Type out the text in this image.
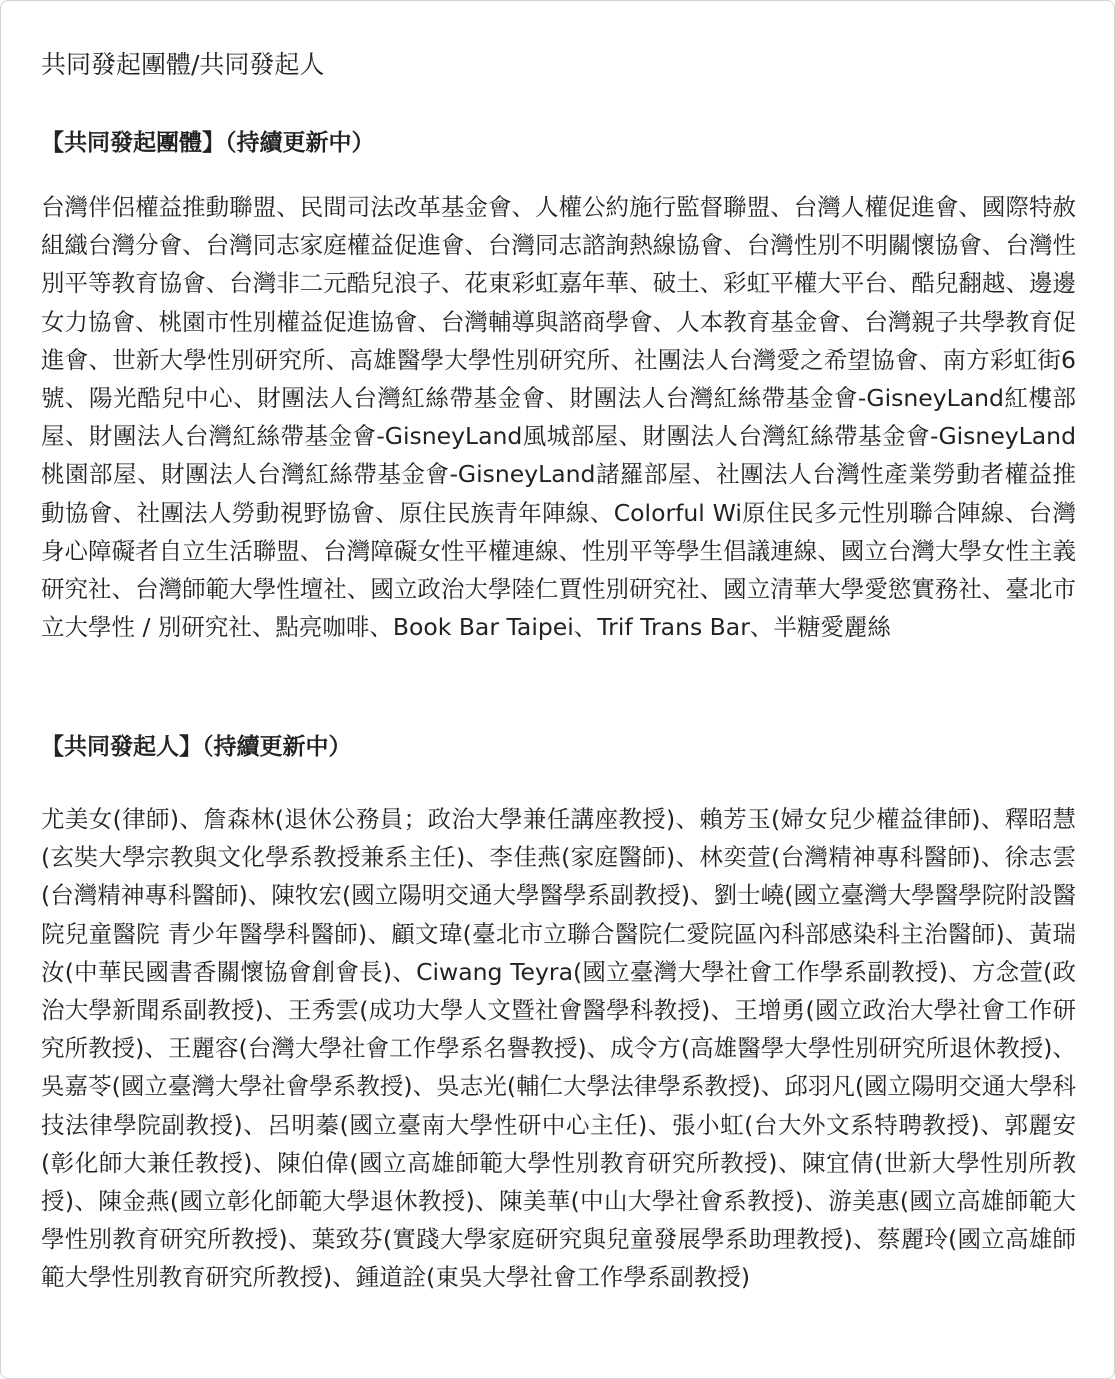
共同發起團體/共同發起人
【共同發起團體】（持續更新中）

台灣伴侶權益推動聯盟、民間司法改革基金會、人權公約施行監督聯盟、台灣人權促進會、國際特赦組織台灣分會、台灣同志家庭權益促進會、台灣同志諮詢熱線協會、台灣性別不明關懷協會、台灣性別平等教育協會、台灣非二元酷兒浪子、花東彩虹嘉年華、破土、彩虹平權大平台、酷兒翻越、邊邊女力協會、桃園市性別權益促進協會、台灣輔導與諮商學會、人本教育基金會、台灣親子共學教育促進會、世新大學性別研究所、高雄醫學大學性別研究所、社團法人台灣愛之希望協會、南方彩虹街6號、陽光酷兒中心、財團法人台灣紅絲帶基金會、財團法人台灣紅絲帶基金會-GisneyLand紅樓部屋、財團法人台灣紅絲帶基金會-GisneyLand風城部屋、財團法人台灣紅絲帶基金會-GisneyLand桃園部屋、財團法人台灣紅絲帶基金會-GisneyLand諸羅部屋、社團法人台灣性產業勞動者權益推動協會、社團法人勞動視野協會、原住民族青年陣線、Colorful Wi原住民多元性別聯合陣線、台灣身心障礙者自立生活聯盟、台灣障礙女性平權連線、性別平等學生倡議連線、國立台灣大學女性主義研究社、台灣師範大學性壇社、國立政治大學陸仁賈性別研究社、國立清華大學愛慾實務社、臺北市立大學性 / 別研究社、點亮咖啡、Book Bar Taipei、Trif Trans Bar、半糖愛麗絲

【共同發起人】（持續更新中）

尤美女(律師)、詹森林(退休公務員；政治大學兼任講座教授)、賴芳玉(婦女兒少權益律師)、釋昭慧(玄奘大學宗教與文化學系教授兼系主任)、李佳燕(家庭醫師)、林奕萱(台灣精神專科醫師)、徐志雲(台灣精神專科醫師)、陳牧宏(國立陽明交通大學醫學系副教授)、劉士嶢(國立臺灣大學醫學院附設醫院兒童醫院 青少年醫學科醫師)、顧文瑋(臺北市立聯合醫院仁愛院區內科部感染科主治醫師)、黃瑞汝(中華民國書香關懷協會創會長)、Ciwang Teyra(國立臺灣大學社會工作學系副教授)、方念萱(政治大學新聞系副教授)、王秀雲(成功大學人文暨社會醫學科教授)、王增勇(國立政治大學社會工作研究所教授)、王麗容(台灣大學社會工作學系名譽教授)、成令方(高雄醫學大學性別研究所退休教授)、吳嘉苓(國立臺灣大學社會學系教授)、吳志光(輔仁大學法律學系教授)、邱羽凡(國立陽明交通大學科技法律學院副教授)、呂明蓁(國立臺南大學性研中心主任)、張小虹(台大外文系特聘教授)、郭麗安(彰化師大兼任教授)、陳伯偉(國立高雄師範大學性別教育研究所教授)、陳宜倩(世新大學性別所教授)、陳金燕(國立彰化師範大學退休教授)、陳美華(中山大學社會系教授)、游美惠(國立高雄師範大學性別教育研究所教授)、葉致芬(實踐大學家庭研究與兒童發展學系助理教授)、蔡麗玲(國立高雄師範大學性別教育研究所教授)、鍾道詮(東吳大學社會工作學系副教授)
